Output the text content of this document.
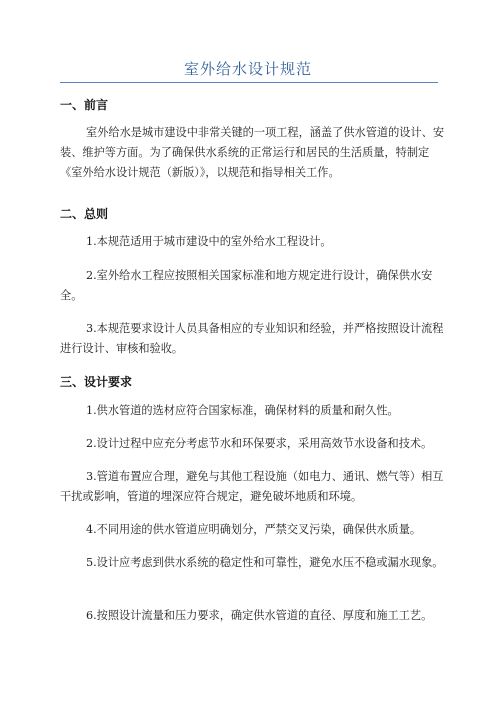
室外给水设计规范
一、前言
室外给水是城市建设中非常关键的一项工程，涵盖了供水管道的设计、安装、维护等方面。为了确保供水系统的正常运行和居民的生活质量，特制定《室外给水设计规范（新版）》，以规范和指导相关工作。
二、总则
1.本规范适用于城市建设中的室外给水工程设计。
2.室外给水工程应按照相关国家标准和地方规定进行设计，确保供水安全。
3.本规范要求设计人员具备相应的专业知识和经验，并严格按照设计流程进行设计、审核和验收。
三、设计要求
1.供水管道的选材应符合国家标准，确保材料的质量和耐久性。
2.设计过程中应充分考虑节水和环保要求，采用高效节水设备和技术。
3.管道布置应合理，避免与其他工程设施（如电力、通讯、燃气等）相互干扰或影响，管道的埋深应符合规定，避免破坏地质和环境。
4.不同用途的供水管道应明确划分，严禁交叉污染，确保供水质量。
5.设计应考虑到供水系统的稳定性和可靠性，避免水压不稳或漏水现象。
6.按照设计流量和压力要求，确定供水管道的直径、厚度和施工工艺。
